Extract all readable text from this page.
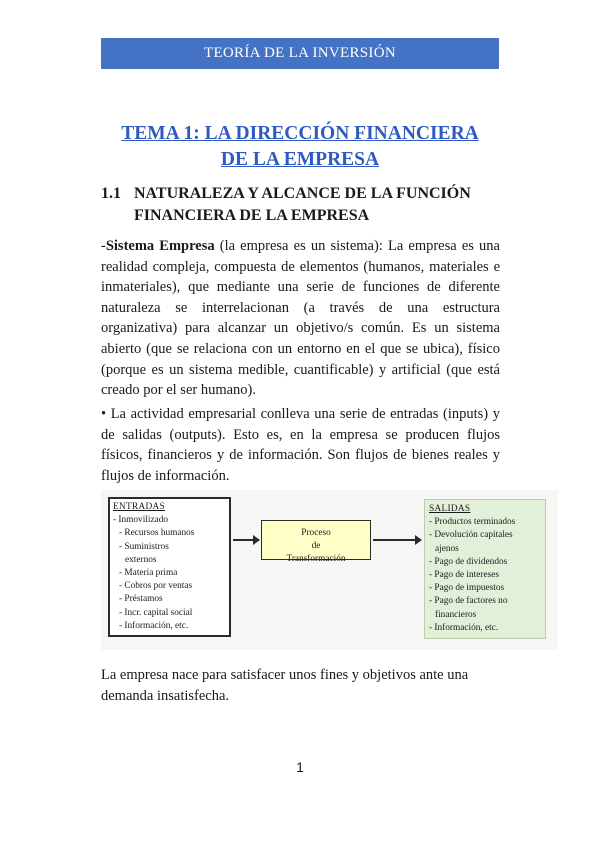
TEORÍA DE LA INVERSIÓN
TEMA 1: LA DIRECCIÓN FINANCIERA
DE LA EMPRESA
1.1 NATURALEZA Y ALCANCE DE LA FUNCIÓN FINANCIERA DE LA EMPRESA

-Sistema Empresa (la empresa es un sistema): La empresa es una realidad compleja, compuesta de elementos (humanos, materiales e inmateriales), que mediante una serie de funciones de diferente naturaleza se interrelacionan (a través de una estructura organizativa) para alcanzar un objetivo/s común. Es un sistema abierto (que se relaciona con un entorno en el que se ubica), físico (porque es un sistema medible, cuantificable) y artificial (que está creado por el ser humano).

• La actividad empresarial conlleva una serie de entradas (inputs) y de salidas (outputs). Esto es, en la empresa se producen flujos físicos, financieros y de información. Son flujos de bienes reales y flujos de información.

ENTRADAS
- Inmovilizado
- Recursos humanos
- Suministros
externos
- Materia prima
- Cobros por ventas
- Préstamos
- Incr. capital social
- Información, etc.
Proceso
de
Transformación
SALIDAS
- Productos terminados
- Devolución capitales
ajenos
- Pago de dividendos
- Pago de intereses
- Pago de impuestos
- Pago de factores no
financieros
- Información, etc.

La empresa nace para satisfacer unos fines y objetivos ante una demanda insatisfecha.

1
